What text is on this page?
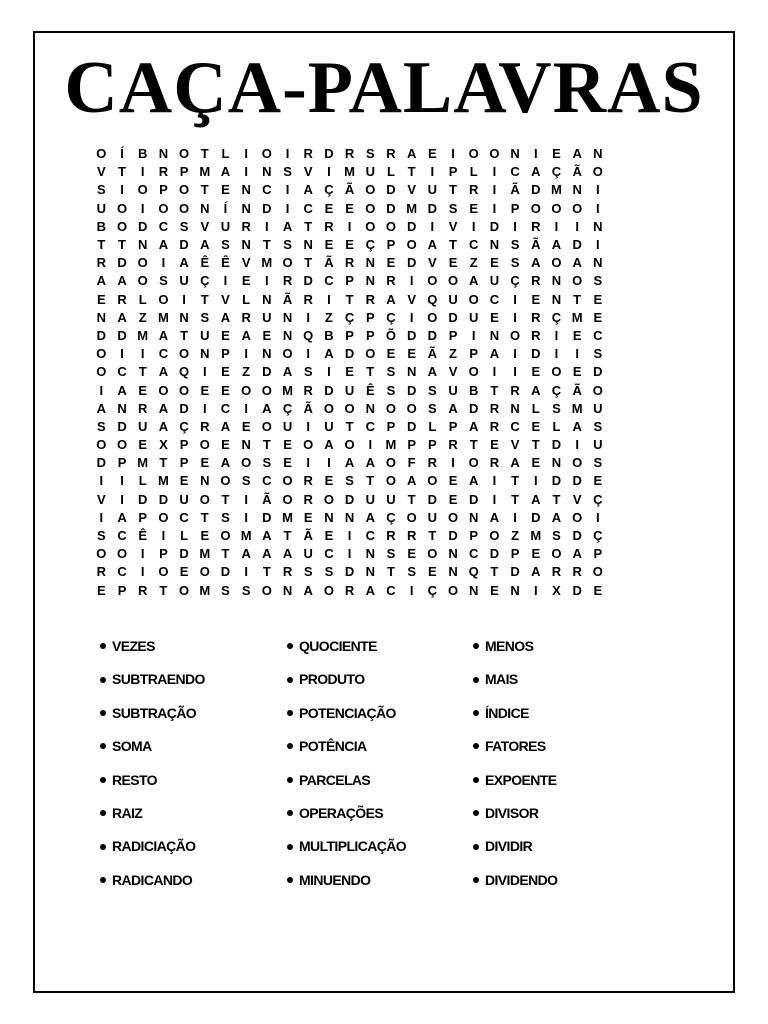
CAÇA-PALAVRAS
O	Í	B N O T L	I	O	I	R D R S R A E	I	O O N	I	E A N
V T	I	R P M A	I	N S V	I	M U L T	I	P L	I	C A Ç Ã O
S	I	O P O T E N C	I	A Ç Ã O D V U T R	I	Ã D M N	I
U O	I	O O N	Í	N D	I	C E E O D M D S E	I	P O O O	I
B O D C S V U R	I	A T R	I	O O D	I	V	I	D	I	R	I	I	N
T T N A D A S N T S N E E Ç P O A T C N S Ã A D	I
R D O	I	A Ê Ê V M O T Ã R N E D V E Z E S A O A N
A A O S U Ç	I	E	I	R D C P N R	I	O O A U Ç R N O S
E R L O	I	T V L N Ã R	I	T R A V Q U O C	I	E N T E
N A Z M N S A R U N	I	Z Ç P Ç	I	O D U E	I	R Ç M E
D D M A T U E A E N Q B P P Õ D D P	I	N O R	I	E C
O	I	I	C O N P	I	N O	I	A D O E E Ã Z P A	I	D	I	I	S
O C T A Q	I	E Z D A S	I	E T S N A V O	I	I	E O E D
I	A E O O E E O O M R D U Ê S D S U B T R A Ç Ã O
A N R A D	I	C	I	A Ç Ã O O N O O S A D R N L S M U
S D U A Ç R A E O U	I	U T C P D L P A R C E L A S
O O E X P O E N T E O A O	I	M P P R T E V T D	I	U
D P M T P E A O S E	I	I	A A O F R	I	O R A E N O S
I	I	L M E N O S C O R E S T O A O E A	I	T	I	D D E
V	I	D D U O T	I	Ã O R O D U U T D E D	I	T A T V Ç
I	A P O C T S	I	D M E N N A Ç O U O N A	I	D A O	I
S C Ê	I	L E O M A T Ã E	I	C R R T D P O Z M S D Ç
O O	I	P D M T A A A U C	I	N S E O N C D P E O A P
R C	I	O E O D	I	T R S S D N T S E N Q T D A R R O
E P R T O M S S O N A O R A C	I	Ç O N E N	I	X D E
VEZES
SUBTRAENDO
SUBTRAÇÃO
SOMA
RESTO
RAIZ
RADICIAÇÃO
RADICANDO
QUOCIENTE
PRODUTO
POTENCIAÇÃO
POTÊNCIA
PARCELAS
OPERAÇÕES
MULTIPLICAÇÃO
MINUENDO
MENOS
MAIS
ÍNDICE
FATORES
EXPOENTE
DIVISOR
DIVIDIR
DIVIDENDO
